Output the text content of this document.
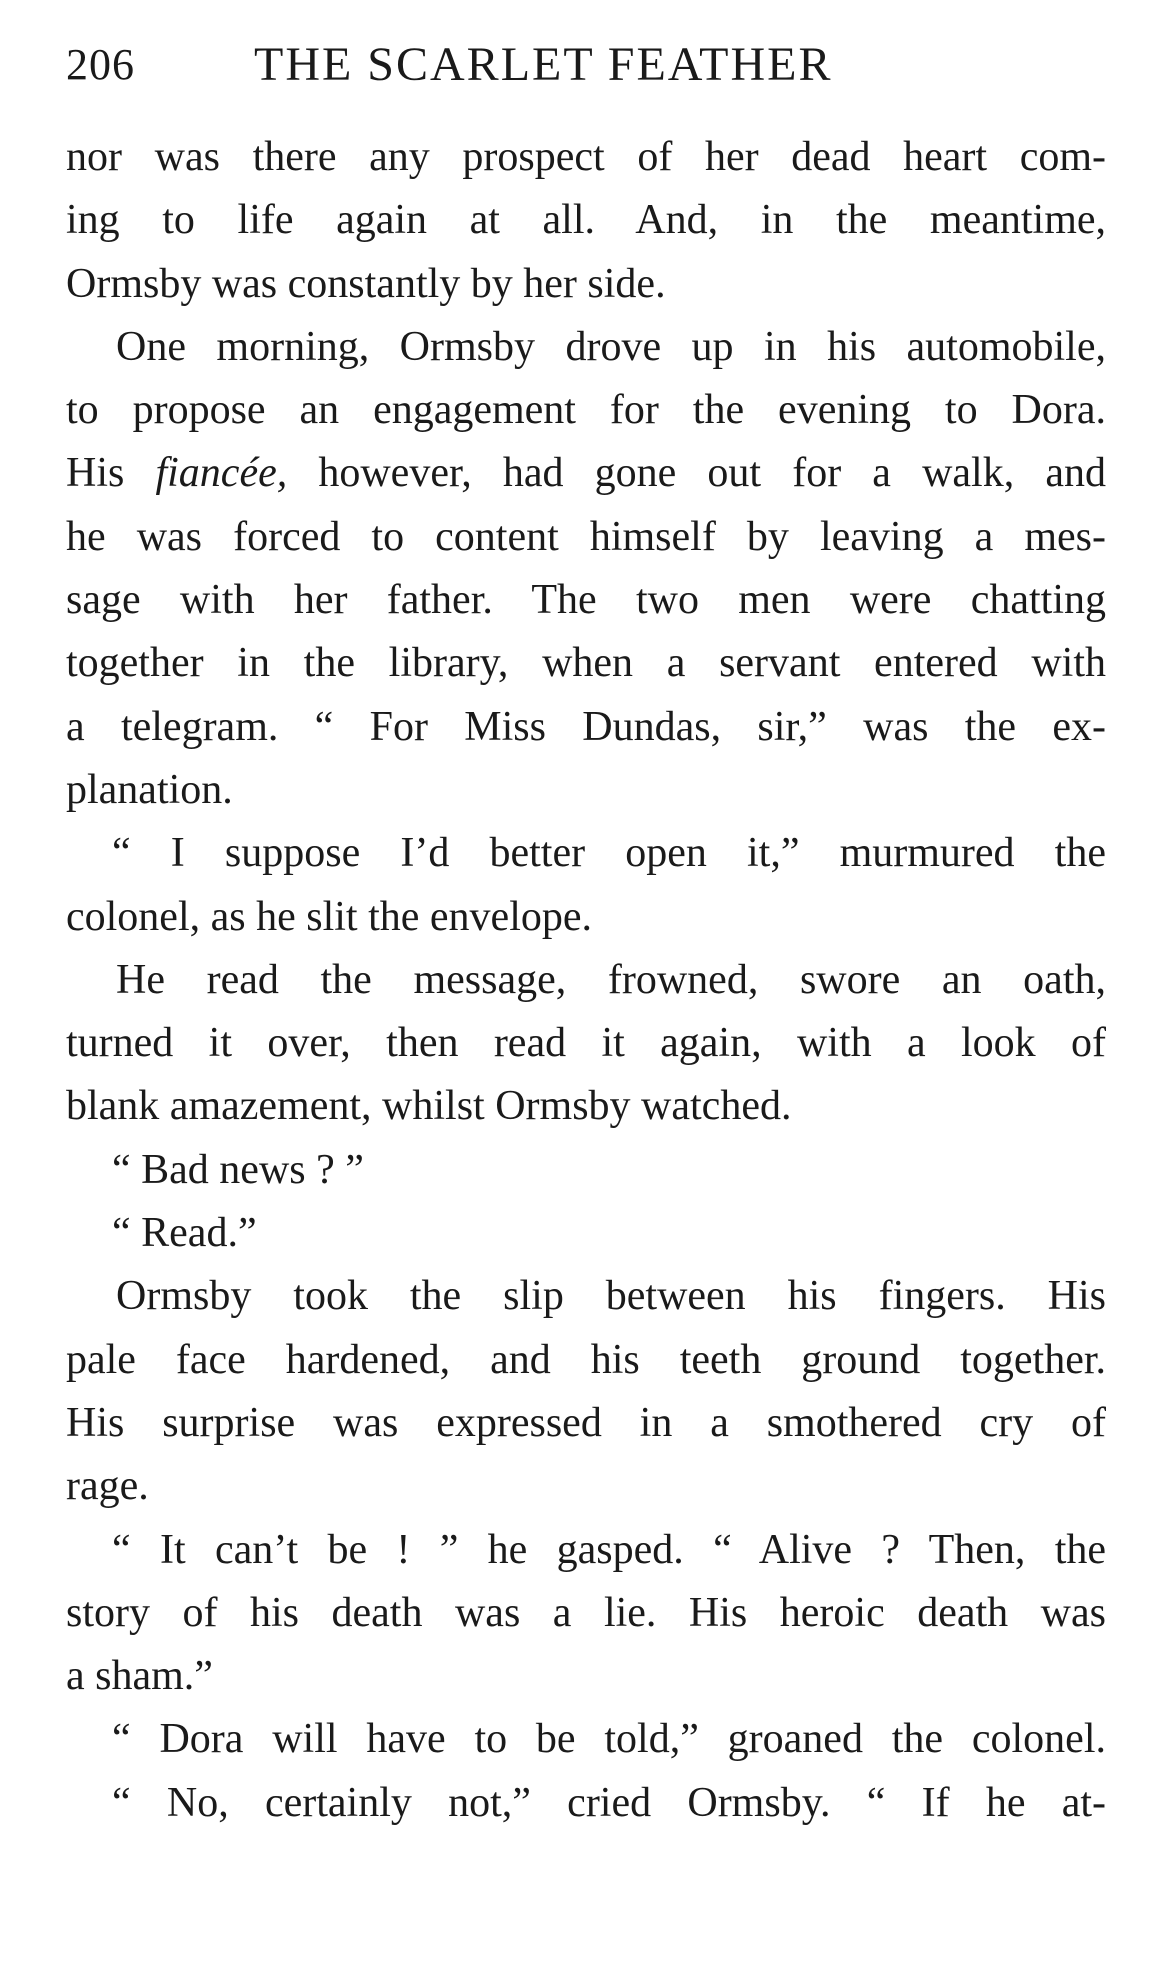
206 THE SCARLET FEATHER
nor was there any prospect of her dead heart com-
ing to life again at all. And, in the meantime,
Ormsby was constantly by her side.
One morning, Ormsby drove up in his automobile,
to propose an engagement for the evening to Dora.
His fiancée, however, had gone out for a walk, and
he was forced to content himself by leaving a mes-
sage with her father. The two men were chatting
together in the library, when a servant entered with
a telegram. “ For Miss Dundas, sir,” was the ex-
planation.
“ I suppose I’d better open it,” murmured the
colonel, as he slit the envelope.
He read the message, frowned, swore an oath,
turned it over, then read it again, with a look of
blank amazement, whilst Ormsby watched.
“ Bad news ? ”
“ Read.”
Ormsby took the slip between his fingers. His
pale face hardened, and his teeth ground together.
His surprise was expressed in a smothered cry of
rage.
“ It can’t be ! ” he gasped. “ Alive ? Then, the
story of his death was a lie. His heroic death was
a sham.”
“ Dora will have to be told,” groaned the colonel.
“ No, certainly not,” cried Ormsby. “ If he at-
